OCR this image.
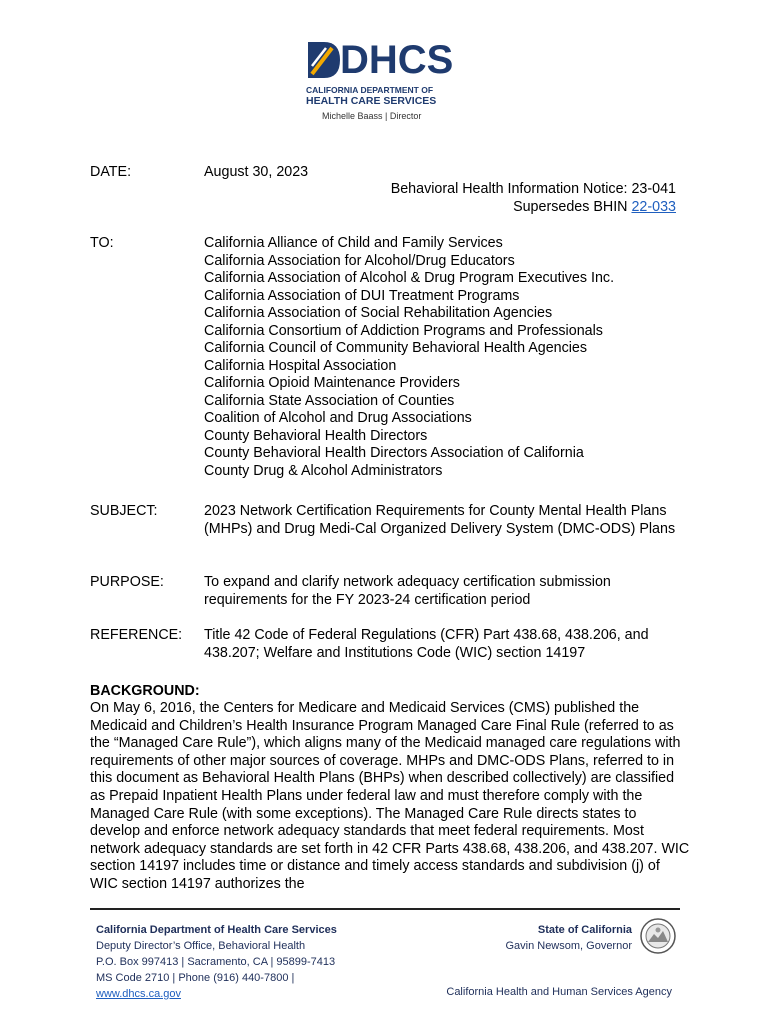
DHCS
CALIFORNIA DEPARTMENT OF
HEALTH CARE SERVICES
Michelle Baass | Director
DATE:	August 30, 2023
Behavioral Health Information Notice: 23-041
Supersedes BHIN 22-033
TO:	California Alliance of Child and Family Services
California Association for Alcohol/Drug Educators
California Association of Alcohol & Drug Program Executives Inc.
California Association of DUI Treatment Programs
California Association of Social Rehabilitation Agencies
California Consortium of Addiction Programs and Professionals
California Council of Community Behavioral Health Agencies
California Hospital Association
California Opioid Maintenance Providers
California State Association of Counties
Coalition of Alcohol and Drug Associations
County Behavioral Health Directors
County Behavioral Health Directors Association of California
County Drug & Alcohol Administrators
SUBJECT:	2023 Network Certification Requirements for County Mental Health Plans (MHPs) and Drug Medi-Cal Organized Delivery System (DMC-ODS) Plans
PURPOSE:	To expand and clarify network adequacy certification submission requirements for the FY 2023-24 certification period
REFERENCE: Title 42 Code of Federal Regulations (CFR) Part 438.68, 438.206, and 438.207; Welfare and Institutions Code (WIC) section 14197
BACKGROUND:
On May 6, 2016, the Centers for Medicare and Medicaid Services (CMS) published the Medicaid and Children’s Health Insurance Program Managed Care Final Rule (referred to as the “Managed Care Rule”), which aligns many of the Medicaid managed care regulations with requirements of other major sources of coverage. MHPs and DMC-ODS Plans, referred to in this document as Behavioral Health Plans (BHPs) when described collectively) are classified as Prepaid Inpatient Health Plans under federal law and must therefore comply with the Managed Care Rule (with some exceptions). The Managed Care Rule directs states to develop and enforce network adequacy standards that meet federal requirements. Most network adequacy standards are set forth in 42 CFR Parts 438.68, 438.206, and 438.207. WIC section 14197 includes time or distance and timely access standards and subdivision (j) of WIC section 14197 authorizes the
California Department of Health Care Services
Deputy Director’s Office, Behavioral Health
P.O. Box 997413 | Sacramento, CA | 95899-7413
MS Code 2710 | Phone (916) 440-7800 |
www.dhcs.ca.gov
State of California
Gavin Newsom, Governor
California Health and Human Services Agency
